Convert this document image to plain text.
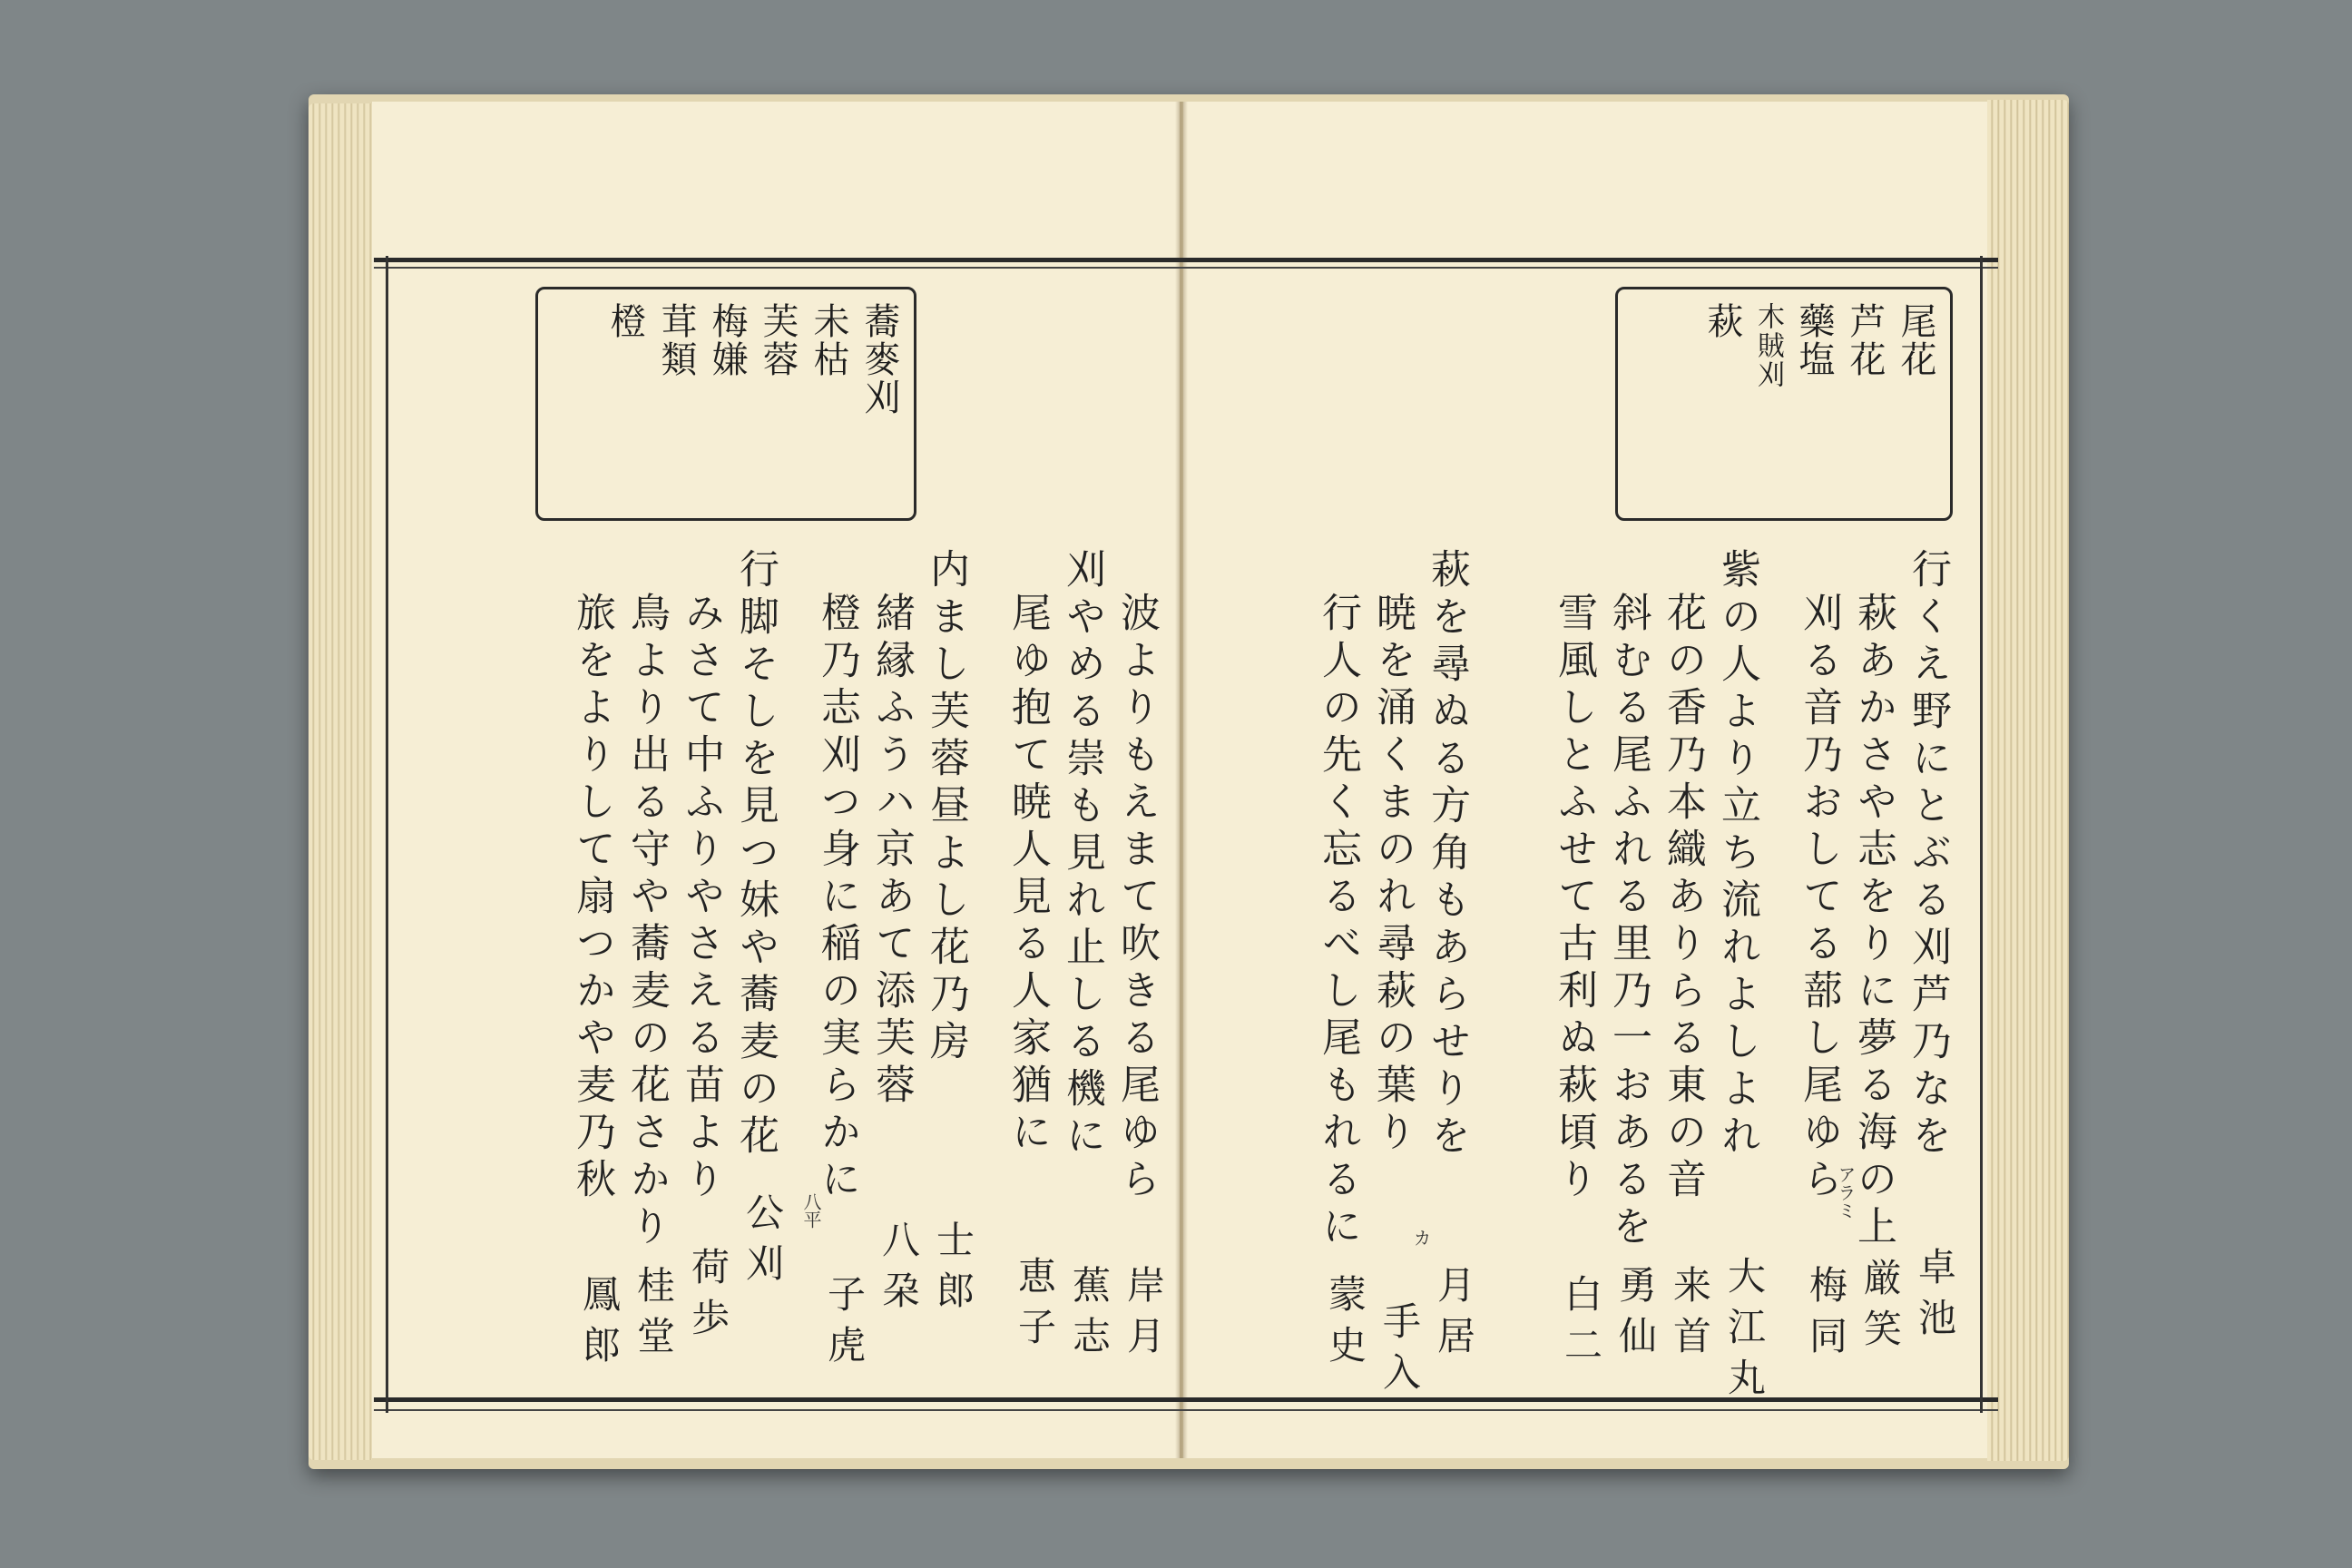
尾花
芦花
藥塩
木賊刈
萩
行くえ野にとぶる刈芦乃なを
萩あかさや志をりに夢る海の上
刈る音乃おしてる蔀し尾ゆら
紫の人より立ち流れよしよれ
花の香乃本織ありらる東の音
斜むる尾ふれる里乃一おあるを
雪風しとふせて古利ぬ萩頃り
萩を尋ぬる方角もあらせりを
暁を涌くまのれ尋萩の葉り
行人の先く忘るべし尾もれるに
卓池
厳笑
梅同
大江丸
来首
勇仙
白二
月居
手入
蒙史
アラミ
カ
蕎麥刈
未枯
芙蓉
梅嫌
茸類
橙
波よりもえまて吹きる尾ゆら
刈やめる崇も見れ止しる機に
尾ゆ抱て暁人見る人家猶に
内まし芙蓉昼よし花乃房
緒縁ふうハ京あて添芙蓉
橙乃志刈つ身に稲の実らかに
行脚そしを見つ妹や蕎麦の花
みさて中ふりやさえる苗より
鳥より出る守や蕎麦の花さかり
旅をよりして扇つかや麦乃秋
岸月
蕉志
恵子
士郎
八朶
子虎
公刈
荷歩
桂堂
鳳郎
八平
